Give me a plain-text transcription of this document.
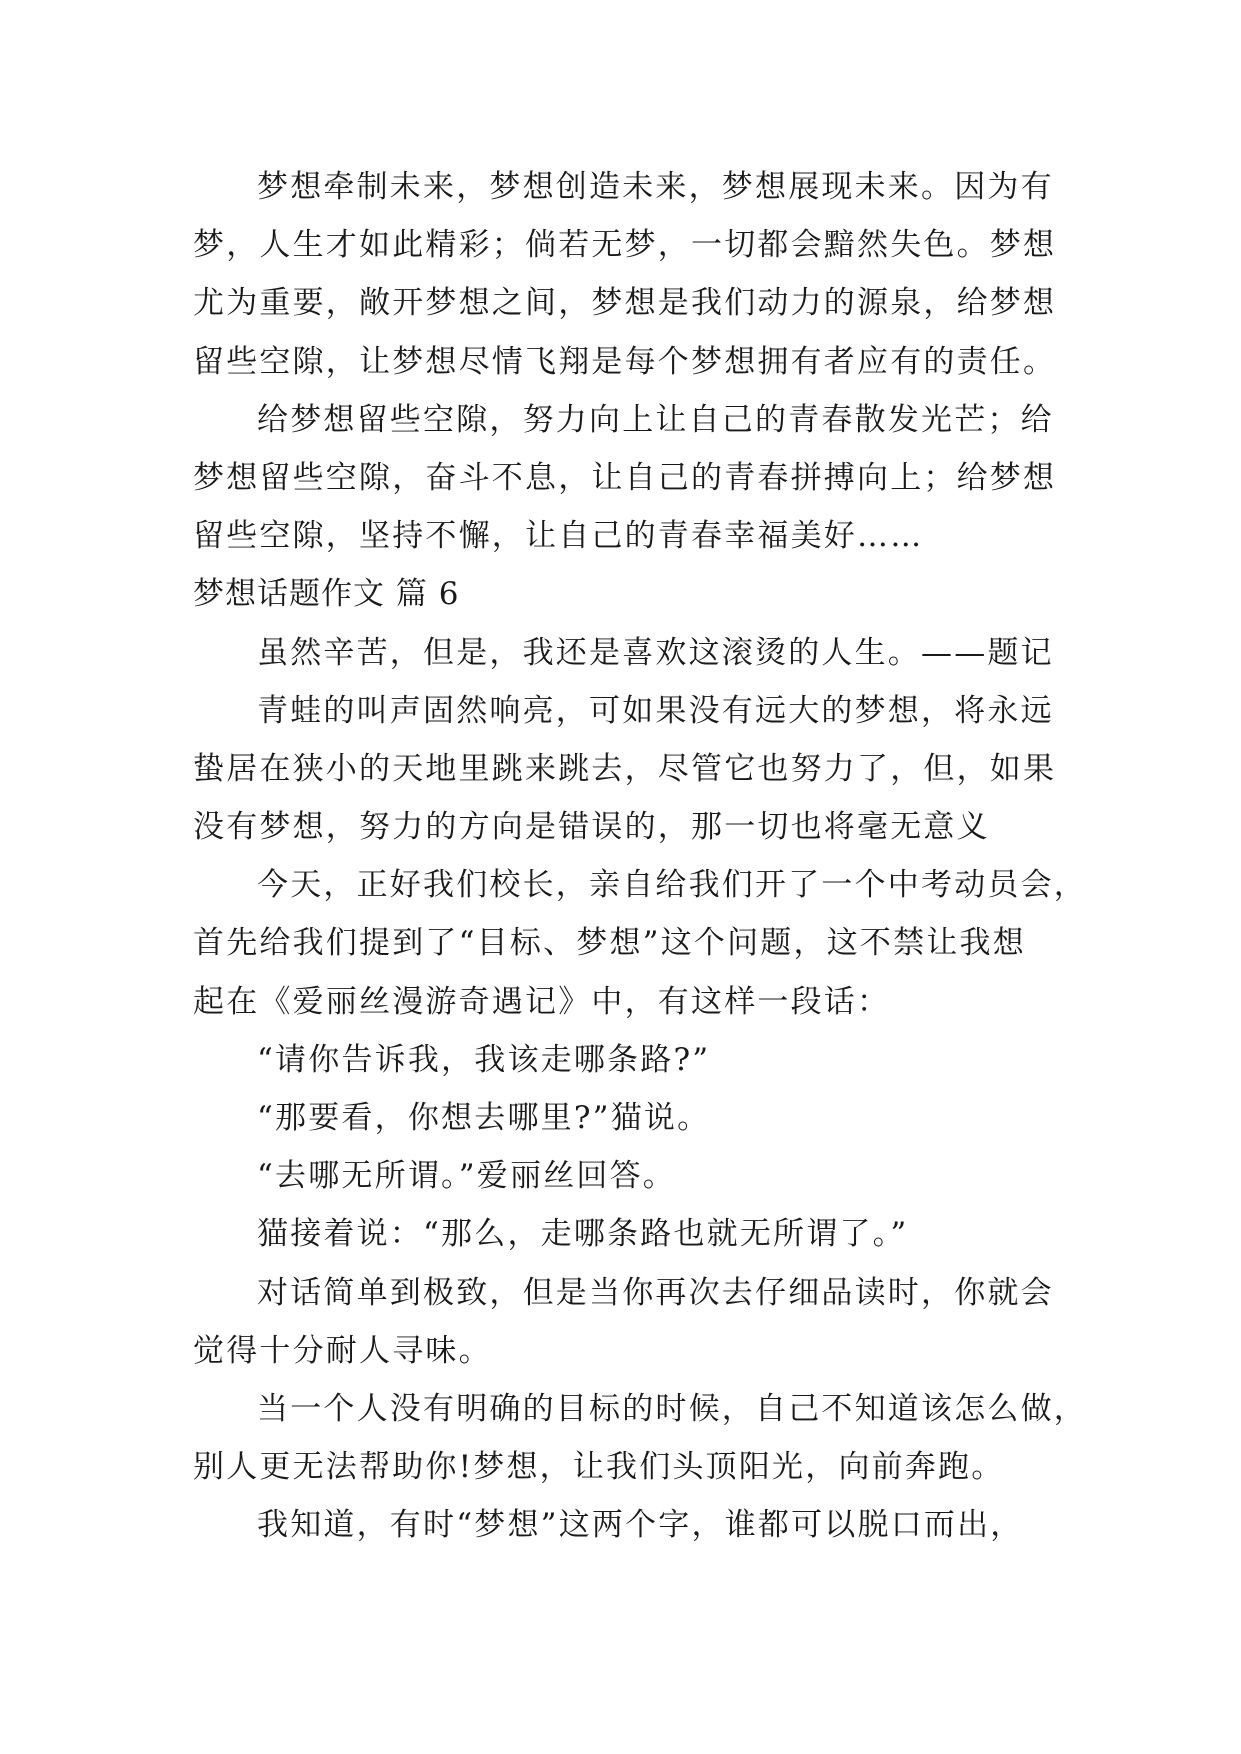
梦想牵制未来，梦想创造未来，梦想展现未来。因为有
梦，人生才如此精彩；倘若无梦，一切都会黯然失色。梦想
尤为重要，敞开梦想之间，梦想是我们动力的源泉，给梦想
留些空隙，让梦想尽情飞翔是每个梦想拥有者应有的责任。
给梦想留些空隙，努力向上让自己的青春散发光芒；给
梦想留些空隙，奋斗不息，让自己的青春拼搏向上；给梦想
留些空隙，坚持不懈，让自己的青春幸福美好……
梦想话题作文 篇 6
虽然辛苦，但是，我还是喜欢这滚烫的人生。——题记
青蛙的叫声固然响亮，可如果没有远大的梦想，将永远
蛰居在狭小的天地里跳来跳去，尽管它也努力了，但，如果
没有梦想，努力的方向是错误的，那一切也将毫无意义
今天，正好我们校长，亲自给我们开了一个中考动员会，
首先给我们提到了“目标、梦想”这个问题，这不禁让我想
起在《爱丽丝漫游奇遇记》中，有这样一段话：
“请你告诉我，我该走哪条路?”
“那要看，你想去哪里?”猫说。
“去哪无所谓。”爱丽丝回答。
猫接着说：“那么，走哪条路也就无所谓了。”
对话简单到极致，但是当你再次去仔细品读时，你就会
觉得十分耐人寻味。
当一个人没有明确的目标的时候，自己不知道该怎么做，
别人更无法帮助你!梦想，让我们头顶阳光，向前奔跑。
我知道，有时“梦想”这两个字，谁都可以脱口而出，
